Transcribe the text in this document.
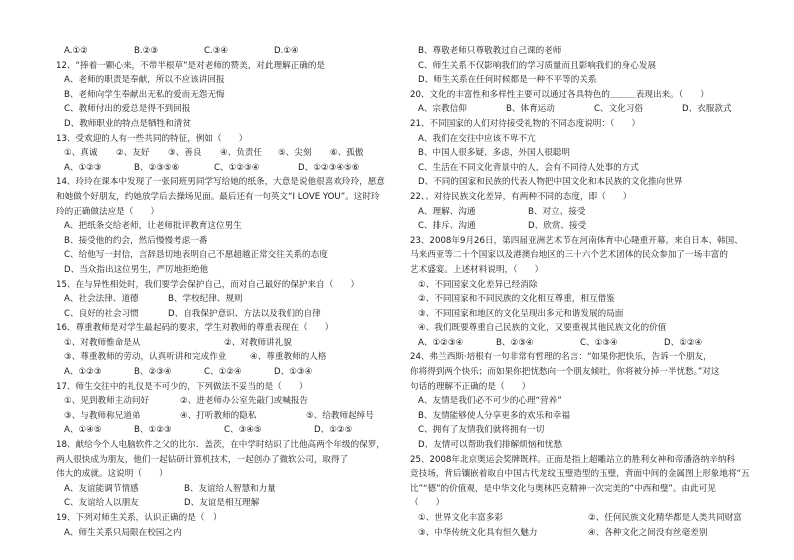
A.①②	B.②③	C.③④	D.①④
12、“捧着一颗心来，不带半根草”是对老师的赞美，对此理解正确的是
A、老师的职责是奉献，所以不应该讲回报
B、老师向学生奉献出无私的爱而无怨无悔
C、教师付出的爱总是得不到回报
D、教师职业的特点是牺牲和清贫
13、受欢迎的人有一些共同的特征，例如（　　）
①、真诚	②、友好	③、善良	④、负责任	⑤、尖刻	⑥、孤傲
A、①②③	B、②③⑤⑥	C、①②③④	D、①②③④⑤⑥
14、玲玲在课本中发现了一张同班男同学写给她的纸条，大意是说他很喜欢玲玲，愿意
和她做个好朋友，约她放学后去操场见面。最后还有一句英文“I LOVE YOU”。这时玲
玲的正确做法应是（　　）
A、把纸条交给老师，让老师批评教育这位男生
B、接受他的约会，然后慢慢考虑一番
C、给他写一封信，言辞恳切地表明自己不愿超越正常交往关系的态度
D、当众指出这位男生，严厉地拒绝他
15、在与异性相处时，我们要学会保护自己，而对自己最好的保护来自（　　）
A、社会法律、道德	B、学校纪律、规则
C、良好的社会习惯	D、自我保护意识、方法以及我们的自律
16、尊重教师是对学生最起码的要求，学生对教师的尊重表现在（　　）
①、对教师惟命是从	②、对教师讲礼貌
③、尊重教师的劳动，认真听讲和完成作业	④、尊重教师的人格
A、①②③	B、②③④	C、①②④	D、①③④
17、师生交往中的礼仪是不可少的，下列做法不妥当的是（　　）
①、见到教师主动问好	②、进老师办公室先敲门或喊报告
③、与教师称兄道弟	④、打听教师的隐私	⑤、给教师起绰号
A、①④⑤	B、①②③	C、③④⑤	D、①②⑤
18、献给今个人电脑软件之父的比尔．盖茨，在中学时结识了比他高两个年级的保罗，
两人很快成为朋友，他们一起钻研计算机技术，一起创办了微软公司，取得了
伟大的成就。这说明（　　）
A、友谊能调节情感	B、友谊给人智慧和力量
C、友谊给人以朋友	D、友谊是相互理解
19、下列对师生关系，认识正确的是（　）
A、师生关系只局限在校园之内
B、尊敬老师只尊敬教过自己课的老师
C、师生关系不仅影响我们的学习质量而且影响我们的身心发展
D、师生关系在任何时候都是一种不平等的关系
20、文化的丰富性和多样性主要可以通过各具特色的＿＿＿表现出来。（　　）
A、宗教信仰	B、体育运动	C、文化习俗	D、衣服款式
21、不同国家的人们对待接受礼物的不同态度说明：（　　）
A、我们在交往中应该不卑不亢
B、中国人很多疑、多虑，外国人很聪明
C、生活在不同文化背景中的人，会有不同待人处事的方式
D、不同的国家和民族的代表人物把中国文化和本民族的文化推向世界
22、、对待民族文化差异，有两种不同的态度，即（　　）
A、理解、沟通	B、对立、接受
C、排斥、沟通	D、欣赏、接受
23、2008年9月26日，第四届亚洲艺术节在河南体育中心隆重开幕。来自日本、韩国、
马来西亚等二十个国家以及港澳台地区的三十六个艺术团体的民众参加了一场丰富的
艺术盛宴。上述材料说明，（　　）
①、不同国家文化差异已经消除
②、不同国家和不同民族的文化相互尊重，相互借鉴
③、不同国家和地区的文化呈现出多元和谐发展的局面
④、我们既要尊重自己民族的文化，又要重视其他民族文化的价值
A、①②③④	B、②③④	C、①③④	D、①②④
24、弗兰西斯·培根有一句非常有哲理的名言：“如果你把快乐，告诉一个朋友，
你将得到两个快乐；而如果你把忧愁向一个朋友倾吐，你将被分掉一半忧愁。”对这
句话的理解不正确的是（　　）
A、友情是我们必不可少的心理“营养”
B、友情能够使人分享更多的欢乐和幸福
C、拥有了友情我们就将拥有一切
D、友情可以帮助我们排解烦恼和忧愁
25、2008年北京奥运会奖牌既样。正面是指上超雕站立的胜利女神和帝潘洛纳辛纳科
竞技场，背后镶嵌着取自中国古代龙纹玉璧造型的玉璧，背面中间的金属图上形象地将“五
比”“德”的价值观，是中华文化与奥林匹克精神一次完美的“中西和璧”。由此可见
（　　）
①、世界文化丰富多彩	②、任何民族文化精华都是人类共同财富
③、中华传统文化具有恒久魅力	④、各种文化之间没有丝毫差别
